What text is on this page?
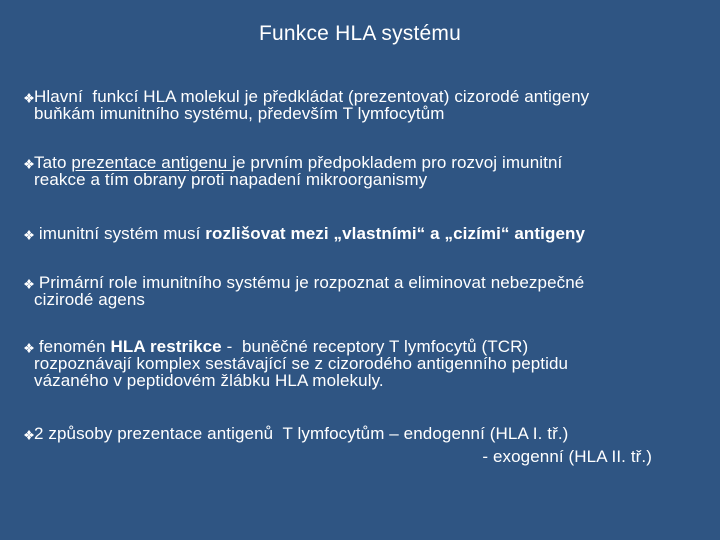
Funkce HLA systému
Hlavní  funkcí HLA molekul je předkládat (prezentovat) cizorodé antigeny
buňkám imunitního systému, především T lymfocytům
Tato prezentace antigenu je prvním předpokladem pro rozvoj imunitní
reakce a tím obrany proti napadení mikroorganismy
imunitní systém musí rozlišovat mezi „vlastními“ a „cizími“ antigeny
Primární role imunitního systému je rozpoznat a eliminovat nebezpečné
cizirodé agens
fenomén HLA restrikce -  buněčné receptory T lymfocytů (TCR)
rozpoznávají komplex sestávající se z cizorodého antigenního peptidu
vázaného v peptidovém žlábku HLA molekuly.
2 způsoby prezentace antigenů  T lymfocytům – endogenní (HLA I. tř.)
- exogenní (HLA II. tř.)
